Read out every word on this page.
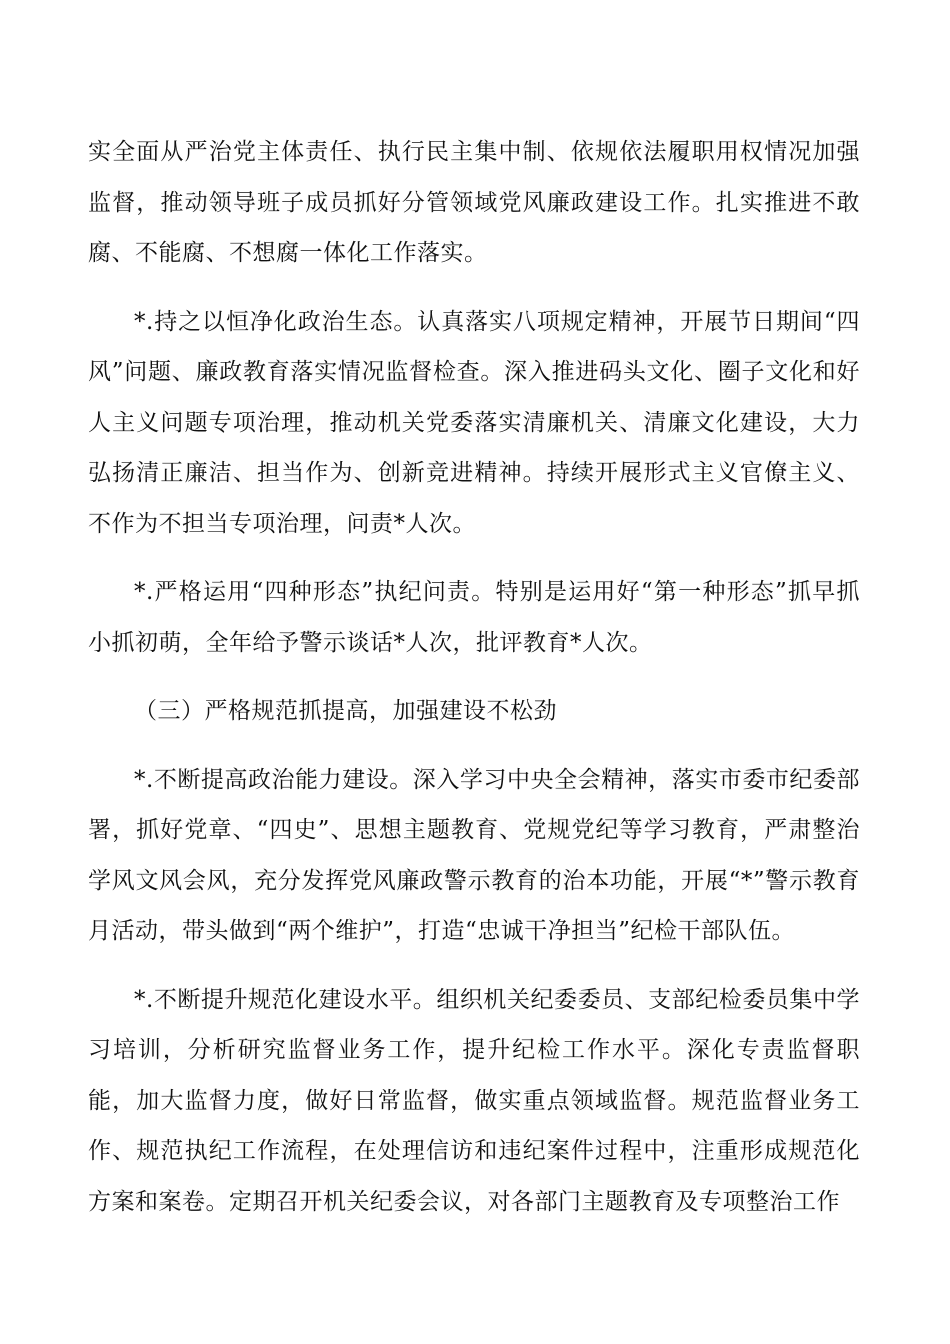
实全面从严治党主体责任、执行民主集中制、依规依法履职用权情况加强监督，推动领导班子成员抓好分管领域党风廉政建设工作。扎实推进不敢腐、不能腐、不想腐一体化工作落实。

*.持之以恒净化政治生态。认真落实八项规定精神，开展节日期间“四风”问题、廉政教育落实情况监督检查。深入推进码头文化、圈子文化和好人主义问题专项治理，推动机关党委落实清廉机关、清廉文化建设，大力弘扬清正廉洁、担当作为、创新竞进精神。持续开展形式主义官僚主义、不作为不担当专项治理，问责*人次。

*.严格运用“四种形态”执纪问责。特别是运用好“第一种形态”抓早抓小抓初萌，全年给予警示谈话*人次，批评教育*人次。

（三）严格规范抓提高，加强建设不松劲

*.不断提高政治能力建设。深入学习中央全会精神，落实市委市纪委部署，抓好党章、“四史”、思想主题教育、党规党纪等学习教育，严肃整治学风文风会风，充分发挥党风廉政警示教育的治本功能，开展“*”警示教育月活动，带头做到“两个维护”，打造“忠诚干净担当”纪检干部队伍。

*.不断提升规范化建设水平。组织机关纪委委员、支部纪检委员集中学习培训，分析研究监督业务工作，提升纪检工作水平。深化专责监督职能，加大监督力度，做好日常监督，做实重点领域监督。规范监督业务工作、规范执纪工作流程，在处理信访和违纪案件过程中，注重形成规范化方案和案卷。定期召开机关纪委会议，对各部门主题教育及专项整治工作
